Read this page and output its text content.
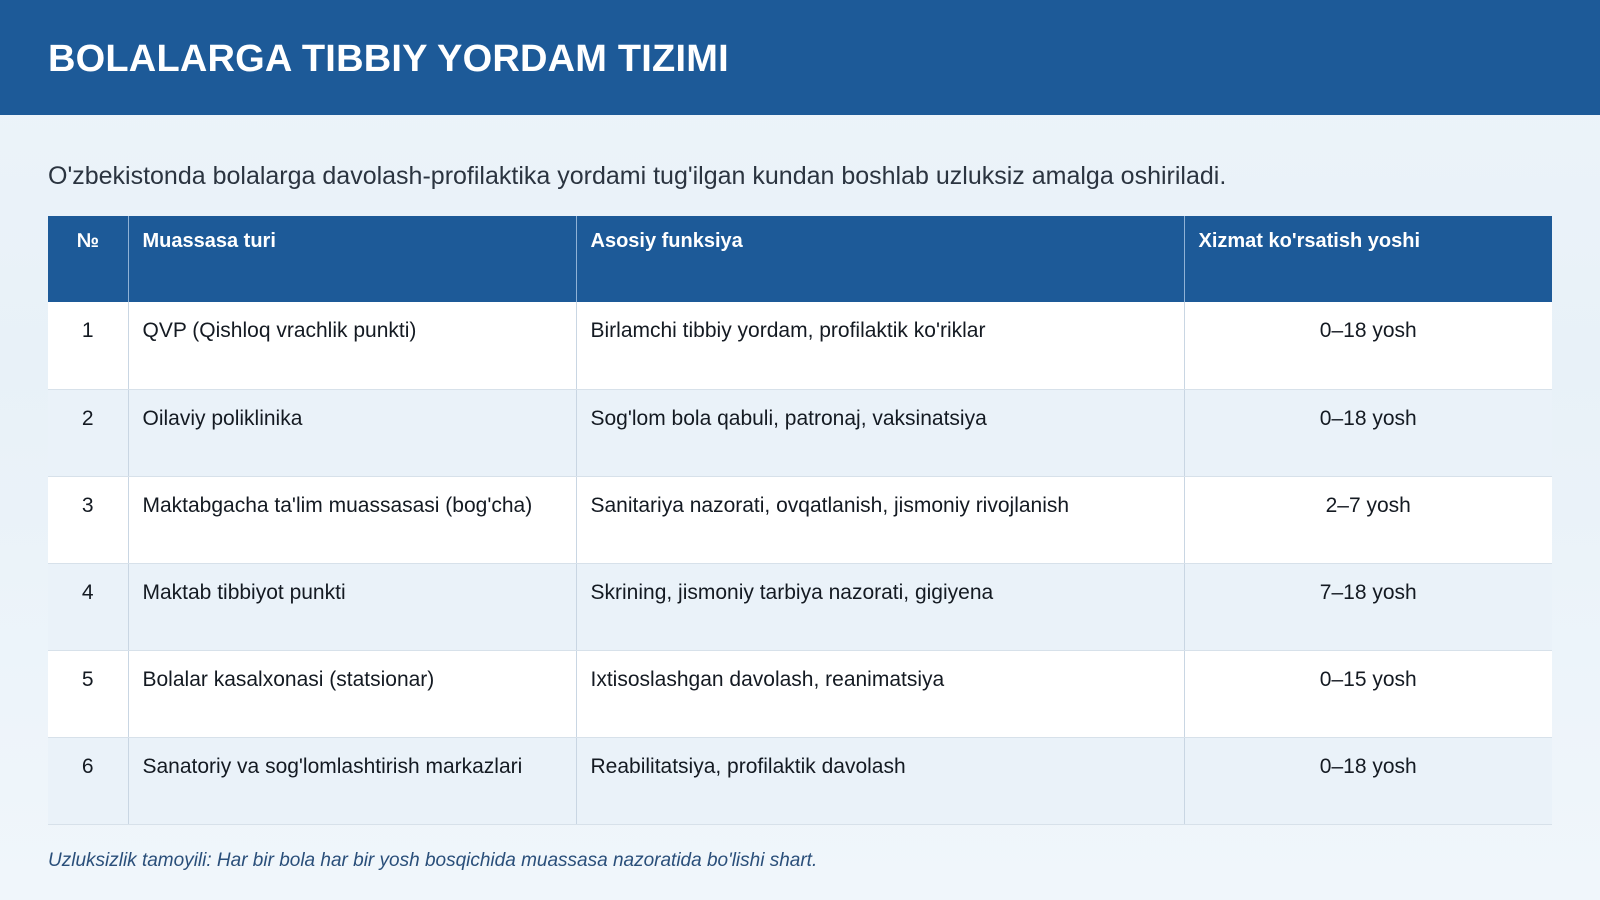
BOLALARGA TIBBIY YORDAM TIZIMI

O'zbekistonda bolalarga davolash-profilaktika yordami tug'ilgan kundan boshlab uzluksiz amalga oshiriladi.

№	Muassasa turi	Asosiy funksiya	Xizmat ko'rsatish yoshi
1	QVP (Qishloq vrachlik punkti)	Birlamchi tibbiy yordam, profilaktik ko'riklar	0–18 yosh
2	Oilaviy poliklinika	Sog'lom bola qabuli, patronaj, vaksinatsiya	0–18 yosh
3	Maktabgacha ta'lim muassasasi (bog'cha)	Sanitariya nazorati, ovqatlanish, jismoniy rivojlanish	2–7 yosh
4	Maktab tibbiyot punkti	Skrining, jismoniy tarbiya nazorati, gigiyena	7–18 yosh
5	Bolalar kasalxonasi (statsionar)	Ixtisoslashgan davolash, reanimatsiya	0–15 yosh
6	Sanatoriy va sog'lomlashtirish markazlari	Reabilitatsiya, profilaktik davolash	0–18 yosh

Uzluksizlik tamoyili: Har bir bola har bir yosh bosqichida muassasa nazoratida bo'lishi shart.
